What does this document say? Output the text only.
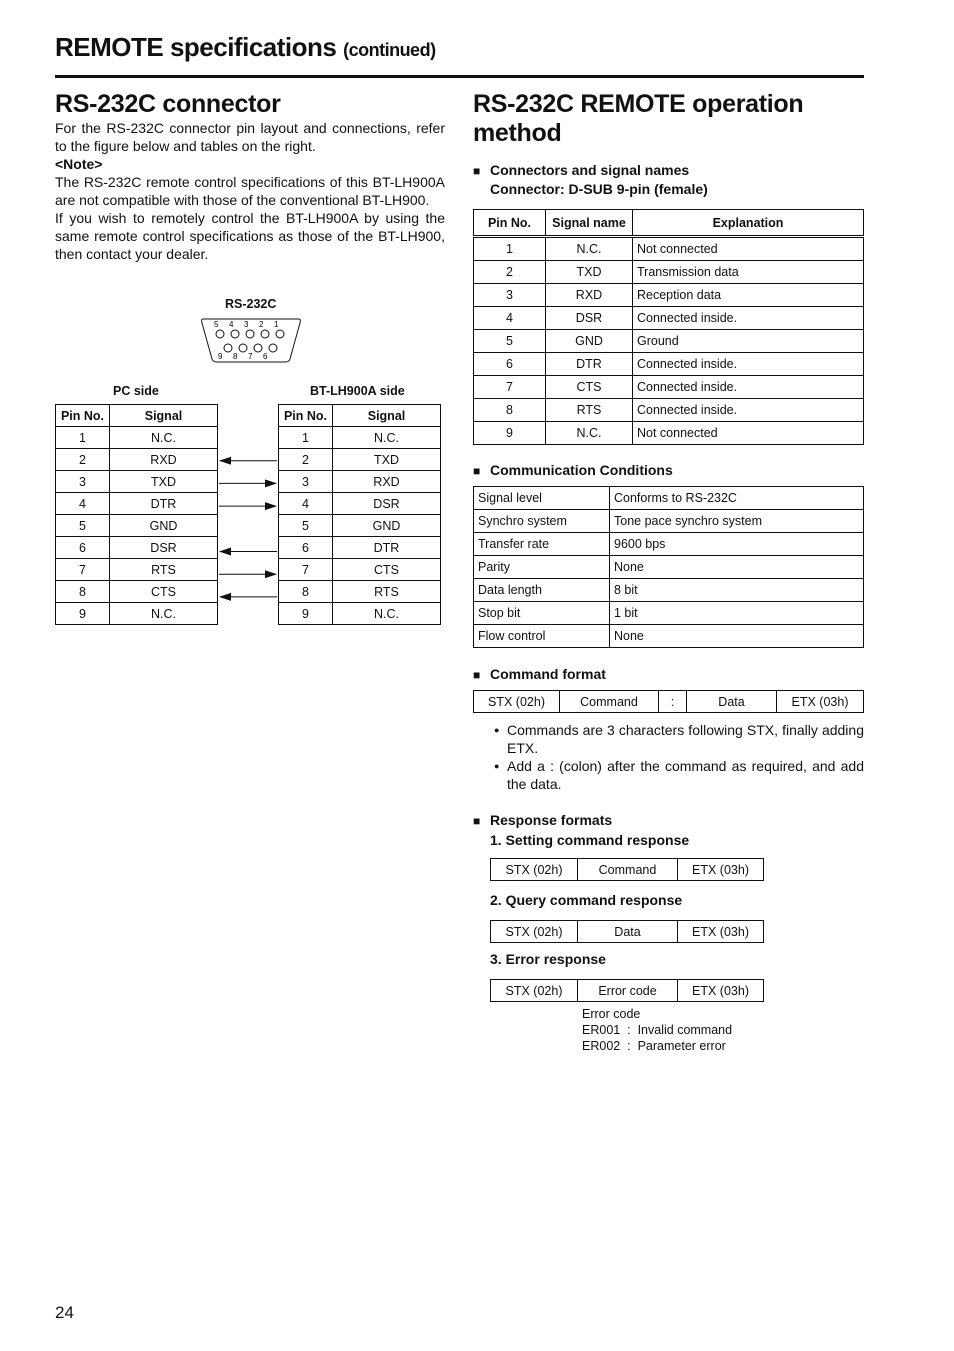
REMOTE specifications (continued)
RS-232C connector

For the RS-232C connector pin layout and connections, refer to the figure below and tables on the right.

<Note>

The RS-232C remote control specifications of this BT-LH900A are not compatible with those of the conventional BT-LH900.

If you wish to remotely control the BT-LH900A by using the same remote control specifications as those of the BT-LH900, then contact your dealer.

RS-232C
5 4 3 2 1
9 8 7 6
PC side	BT-LH900A side
Pin No.	Signal
1	N.C.
2	RXD
3	TXD
4	DTR
5	GND
6	DSR
7	RTS
8	CTS
9	N.C.
Pin No.	Signal
1	N.C.
2	TXD
3	RXD
4	DSR
5	GND
6	DTR
7	CTS
8	RTS
9	N.C.
RS-232C REMOTE operation method
■ Connectors and signal names
Connector: D-SUB 9-pin (female)
Pin No.	Signal name	Explanation
1	N.C.	Not connected
2	TXD	Transmission data
3	RXD	Reception data
4	DSR	Connected inside.
5	GND	Ground
6	DTR	Connected inside.
7	CTS	Connected inside.
8	RTS	Connected inside.
9	N.C.	Not connected
■ Communication Conditions
Signal level	Conforms to RS-232C
Synchro system	Tone pace synchro system
Transfer rate	9600 bps
Parity	None
Data length	8 bit
Stop bit	1 bit
Flow control	None
■ Command format
STX (02h)	Command	:	Data	ETX (03h)
● Commands are 3 characters following STX, finally adding ETX.
● Add a : (colon) after the command as required, and add the data.
■ Response formats
1. Setting command response
STX (02h)	Command	ETX (03h)
2. Query command response
STX (02h)	Data	ETX (03h)
3. Error response
STX (02h)	Error code	ETX (03h)
Error code
ER001  :  Invalid command
ER002  :  Parameter error
24
